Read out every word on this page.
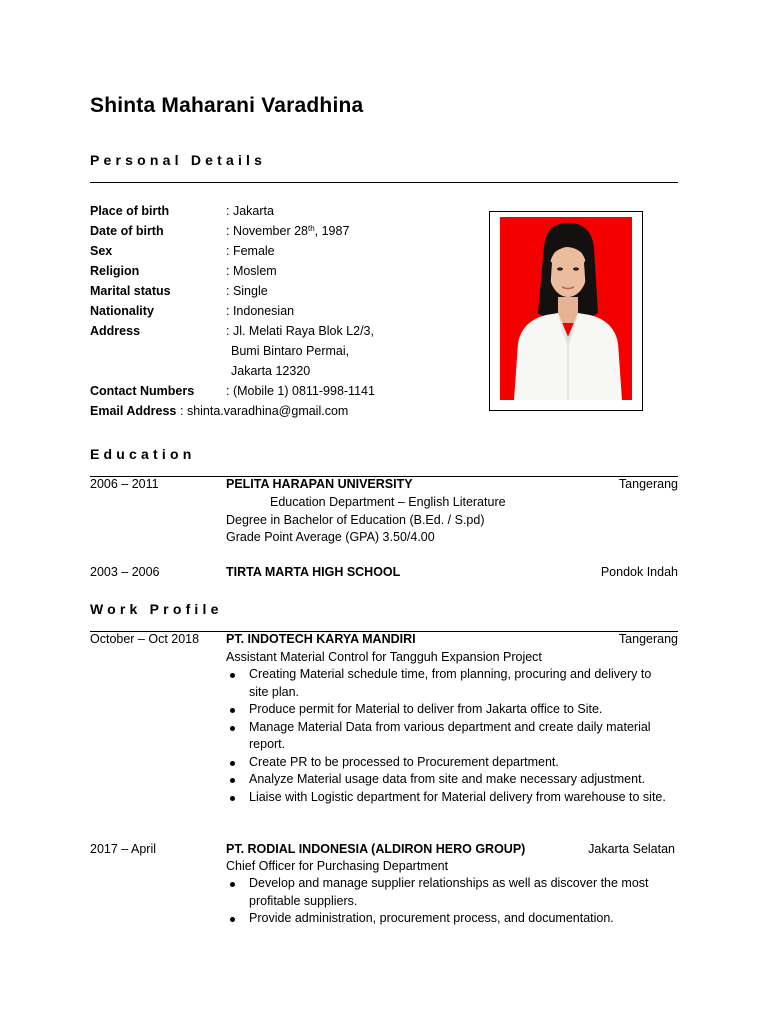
Shinta Maharani Varadhina
Personal Details
Place of birth	: Jakarta
Date of birth	: November 28th, 1987
Sex	: Female
Religion	: Moslem
Marital status	: Single
Nationality	: Indonesian
Address	: Jl. Melati Raya Blok L2/3,
Bumi Bintaro Permai,
Jakarta 12320
Contact Numbers	: (Mobile 1) 0811-998-1141
Email Address : shinta.varadhina@gmail.com
Education
2006 – 2011	PELITA HARAPAN UNIVERSITY	Tangerang
Education Department – English Literature
Degree in Bachelor of Education (B.Ed. / S.pd)
Grade Point Average (GPA) 3.50/4.00
2003 – 2006	TIRTA MARTA HIGH SCHOOL	Pondok Indah
Work Profile
October – Oct 2018 PT. INDOTECH KARYA MANDIRI	Tangerang
Assistant Material Control for Tangguh Expansion Project
Creating Material schedule time, from planning, procuring and delivery to site plan.
Produce permit for Material to deliver from Jakarta office to Site.
Manage Material Data from various department and create daily material report.
Create PR to be processed to Procurement department.
Analyze Material usage data from site and make necessary adjustment.
Liaise with Logistic department for Material delivery from warehouse to site.
2017 – April	PT. RODIAL INDONESIA (ALDIRON HERO GROUP)	Jakarta Selatan
Chief Officer for Purchasing Department
Develop and manage supplier relationships as well as discover the most profitable suppliers.
Provide administration, procurement process, and documentation.
